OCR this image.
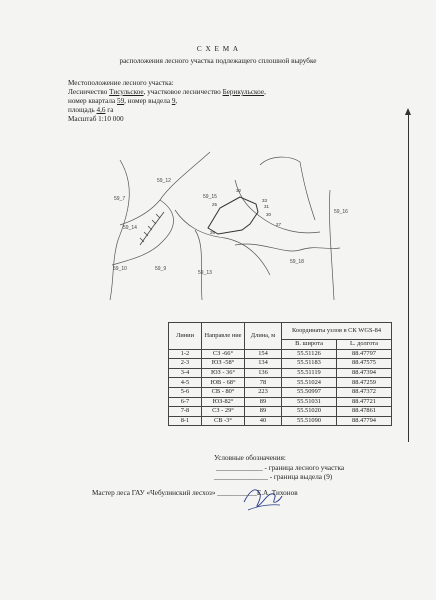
С Х Е М А
расположения лесного участка подлежащего сплошной вырубке
Местоположение лесного участка:
Лесничество Тисульское, участковое лесничество Берикульское,
номер квартала 59, номер выдела 9,
площадь 4,6 га
Масштаб 1:10 000
59_12
59_7
59_14
59_10	59_9
59_13
59_15
59_18
59_16
32
25
33
31
30
27
26
Линии	Направле ние	Длина, м	Координаты узлов в СК WGS-84	
			В. широта	L. долгота
1-2	СЗ -66°	154	55.51126	88.47797
2-3	ЮЗ -58°	134	55.51183	88.47575
3-4	ЮЗ - 36°	136	55.51119	88.47394
4-5	ЮВ - 68°	78	55.51024	88.47259
5-6	СВ - 80°	223	55.50997	88.47372
6-7	ЮЗ-82°	89	55.51031	88.47721
7-8	СЗ - 29°	89	55.51020	88.47861
8-1	СВ -3°	40	55.51090	88.47794
Условные обозначения:
_____________ - граница лесного участка
_______________ - граница выдела (9)
Мастер леса ГАУ «Чебулинский лесхоз» ___________Е.А. Тихонов
